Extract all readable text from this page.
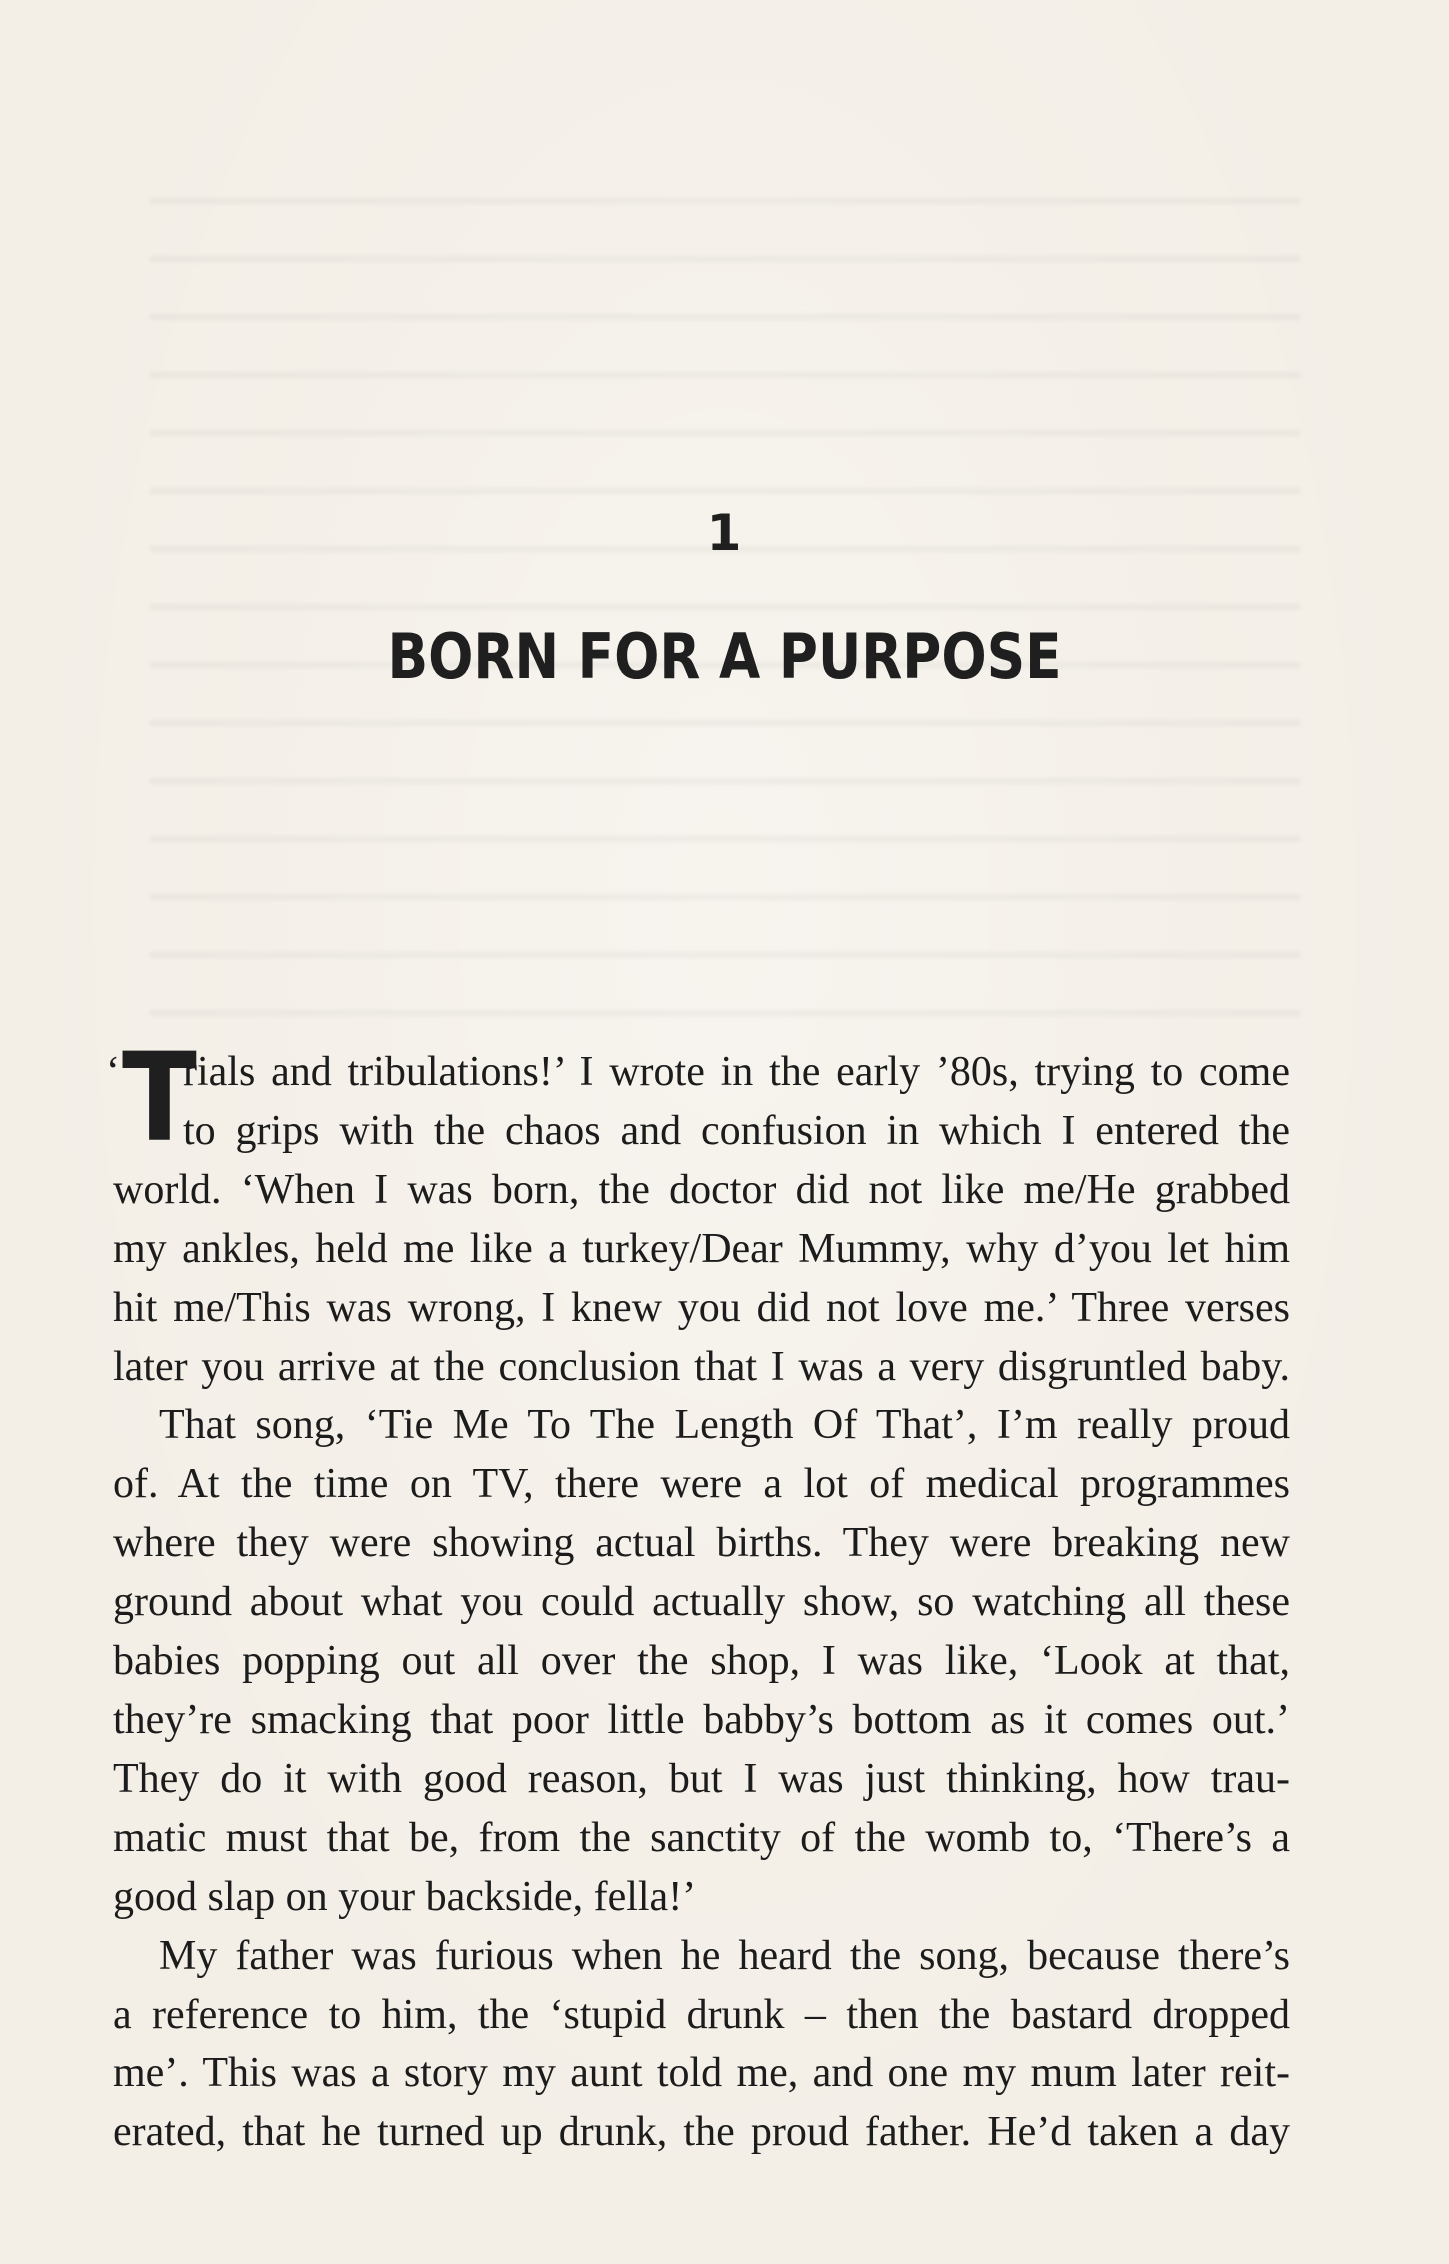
1
BORN FOR A PURPOSE
‘ T
rials and tribulations!’ I wrote in the early ’80s, trying to come
to grips with the chaos and confusion in which I entered the
world. ‘When I was born, the doctor did not like me/He grabbed
my ankles, held me like a turkey/Dear Mummy, why d’you let him
hit me/This was wrong, I knew you did not love me.’ Three verses
later you arrive at the conclusion that I was a very disgruntled baby.
That song, ‘Tie Me To The Length Of That’, I’m really proud
of. At the time on TV, there were a lot of medical programmes
where they were showing actual births. They were breaking new
ground about what you could actually show, so watching all these
babies popping out all over the shop, I was like, ‘Look at that,
they’re smacking that poor little babby’s bottom as it comes out.’
They do it with good reason, but I was just thinking, how trau-
matic must that be, from the sanctity of the womb to, ‘There’s a
good slap on your backside, fella!’
My father was furious when he heard the song, because there’s
a reference to him, the ‘stupid drunk – then the bastard dropped
me’. This was a story my aunt told me, and one my mum later reit-
erated, that he turned up drunk, the proud father. He’d taken a day
